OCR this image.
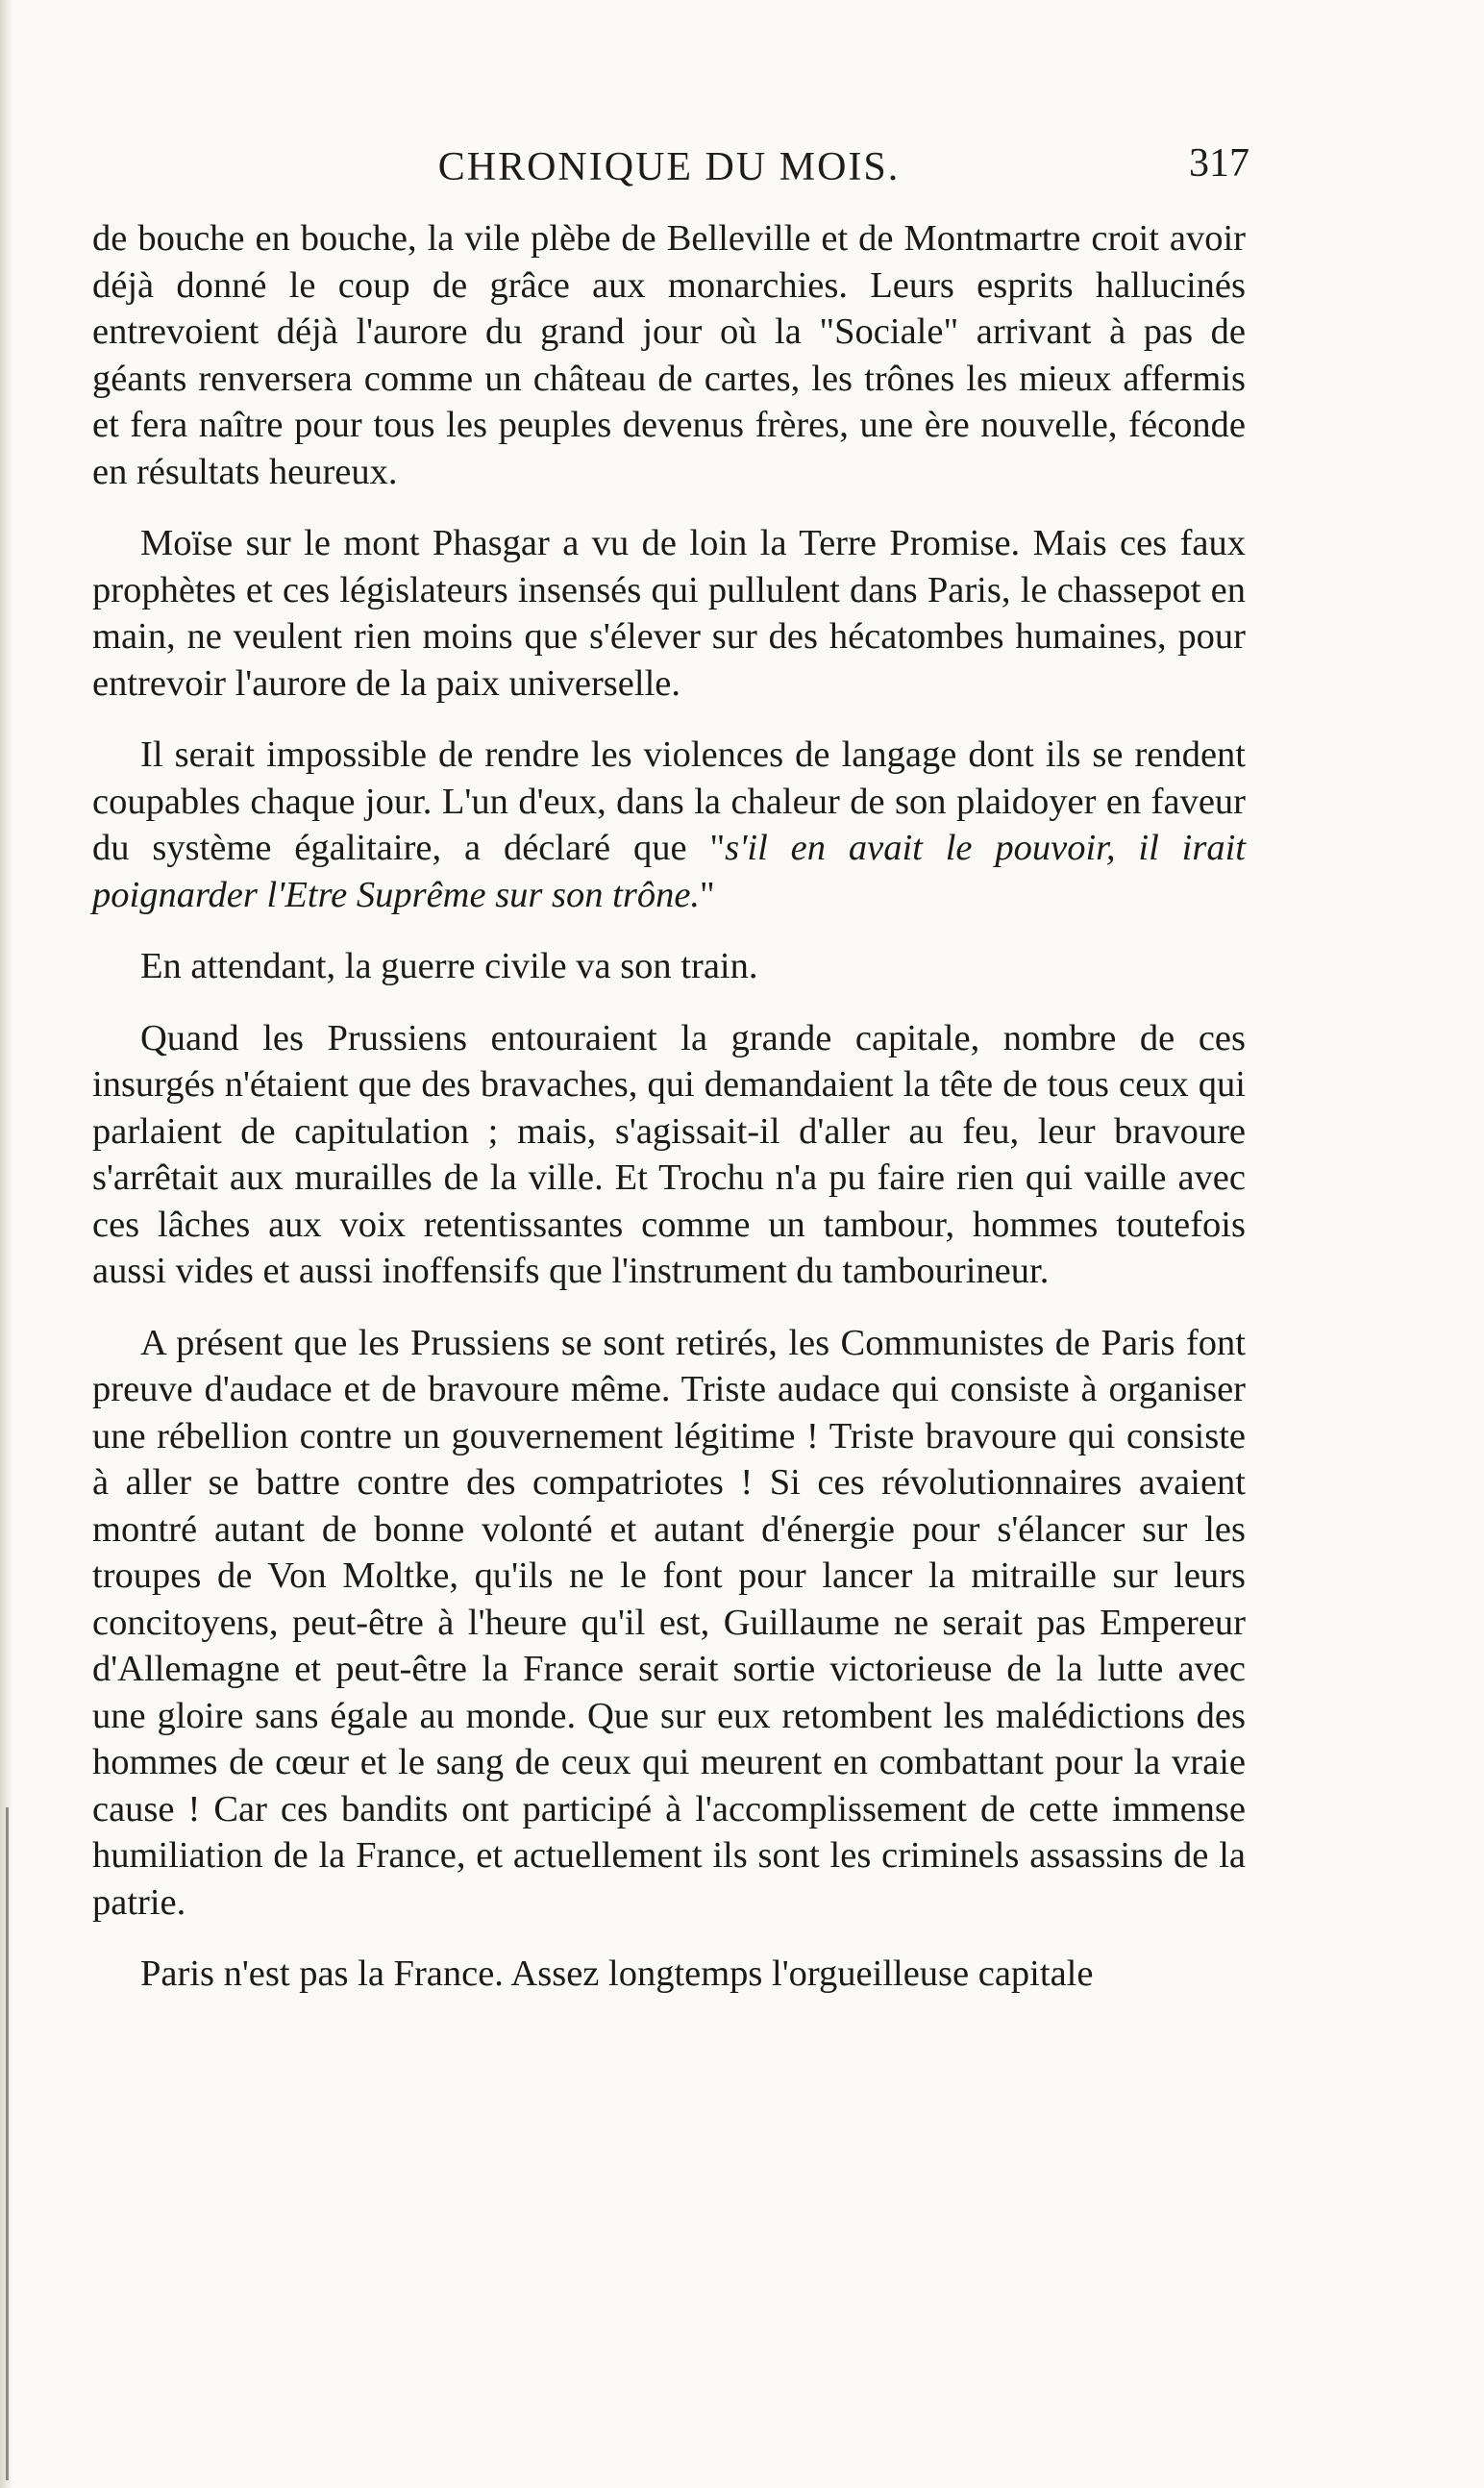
CHRONIQUE DU MOIS.	317

de bouche en bouche, la vile plèbe de Belleville et de Montmartre croit avoir déjà donné le coup de grâce aux monarchies. Leurs esprits hallucinés entrevoient déjà l'aurore du grand jour où la "Sociale" arrivant à pas de géants renversera comme un château de cartes, les trônes les mieux affermis et fera naître pour tous les peuples devenus frères, une ère nouvelle, féconde en résultats heureux.

Moïse sur le mont Phasgar a vu de loin la Terre Promise. Mais ces faux prophètes et ces législateurs insensés qui pullulent dans Paris, le chassepot en main, ne veulent rien moins que s'élever sur des hécatombes humaines, pour entrevoir l'aurore de la paix universelle.

Il serait impossible de rendre les violences de langage dont ils se rendent coupables chaque jour. L'un d'eux, dans la chaleur de son plaidoyer en faveur du système égalitaire, a déclaré que "s'il en avait le pouvoir, il irait poignarder l'Etre Suprême sur son trône."

En attendant, la guerre civile va son train.

Quand les Prussiens entouraient la grande capitale, nombre de ces insurgés n'étaient que des bravaches, qui demandaient la tête de tous ceux qui parlaient de capitulation ; mais, s'agissait-il d'aller au feu, leur bravoure s'arrêtait aux murailles de la ville. Et Trochu n'a pu faire rien qui vaille avec ces lâches aux voix retentissantes comme un tambour, hommes toutefois aussi vides et aussi inoffensifs que l'instrument du tambourineur.

A présent que les Prussiens se sont retirés, les Communistes de Paris font preuve d'audace et de bravoure même. Triste audace qui consiste à organiser une rébellion contre un gouvernement légitime ! Triste bravoure qui consiste à aller se battre contre des compatriotes ! Si ces révolutionnaires avaient montré autant de bonne volonté et autant d'énergie pour s'élancer sur les troupes de Von Moltke, qu'ils ne le font pour lancer la mitraille sur leurs concitoyens, peut-être à l'heure qu'il est, Guillaume ne serait pas Empereur d'Allemagne et peut-être la France serait sortie victorieuse de la lutte avec une gloire sans égale au monde. Que sur eux retombent les malédictions des hommes de cœur et le sang de ceux qui meurent en combattant pour la vraie cause ! Car ces bandits ont participé à l'accomplissement de cette immense humiliation de la France, et actuellement ils sont les criminels assassins de la patrie.

Paris n'est pas la France. Assez longtemps l'orgueilleuse capitale
